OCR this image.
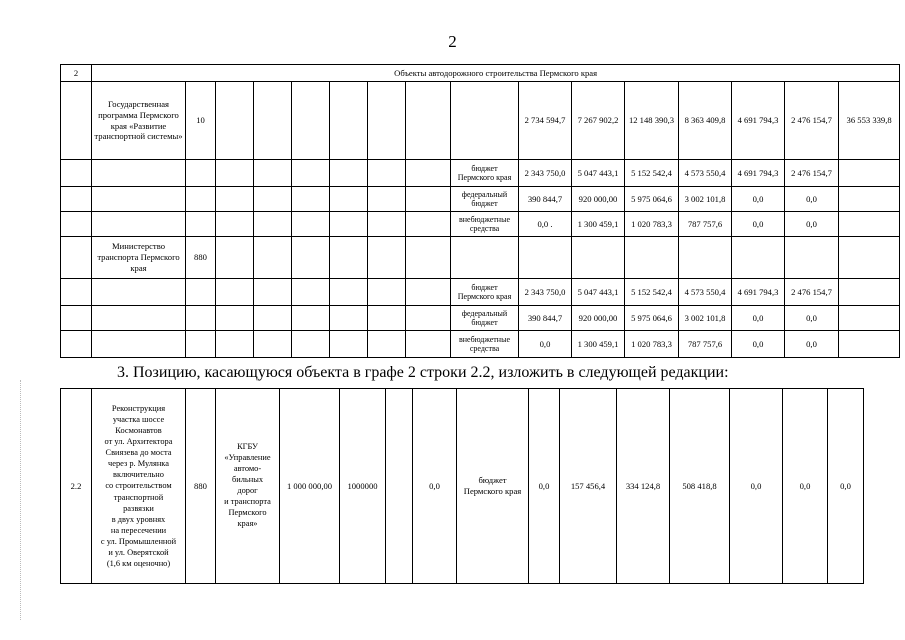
2
2	Объекты автодорожного строительства Пермского края															
	Государственная программа Пермского края «Развитие транспортной системы»	10								2 734 594,7	7 267 902,2	12 148 390,3	8 363 409,8	4 691 794,3	2 476 154,7	36 553 339,8
									бюджет Пермского края	2 343 750,0	5 047 443,1	5 152 542,4	4 573 550,4	4 691 794,3	2 476 154,7	
									федеральный бюджет	390 844,7	920 000,00	5 975 064,6	3 002 101,8	0,0	0,0	
									внебюджетные средства	0,0 .	1 300 459,1	1 020 783,3	787 757,6	0,0	0,0	
	Министерство транспорта Пермского края	880														
									бюджет Пермского края	2 343 750,0	5 047 443,1	5 152 542,4	4 573 550,4	4 691 794,3	2 476 154,7	
									федеральный бюджет	390 844,7	920 000,00	5 975 064,6	3 002 101,8	0,0	0,0	
									внебюджетные средства	0,0	1 300 459,1	1 020 783,3	787 757,6	0,0	0,0	
3. Позицию, касающуюся объекта в графе 2 строки 2.2, изложить в следующей редакции:
2.2	Реконструкция
участка шоссе
Космонавтов
от ул. Архитектора
Свиязева до моста
через р. Мулянка
включительно
со строительством
транспортной
развязки
в двух уровнях
на пересечении
с ул. Промышленной
и ул. Оверятской
(1,6 км оценочно)	880	КГБУ
«Управление
автомо-
бильных
дорог
и транспорта
Пермского
края»	1 000 000,00	1000000		0,0	бюджет Пермского края	0,0	157 456,4	334 124,8	508 418,8	0,0	0,0	0,0
